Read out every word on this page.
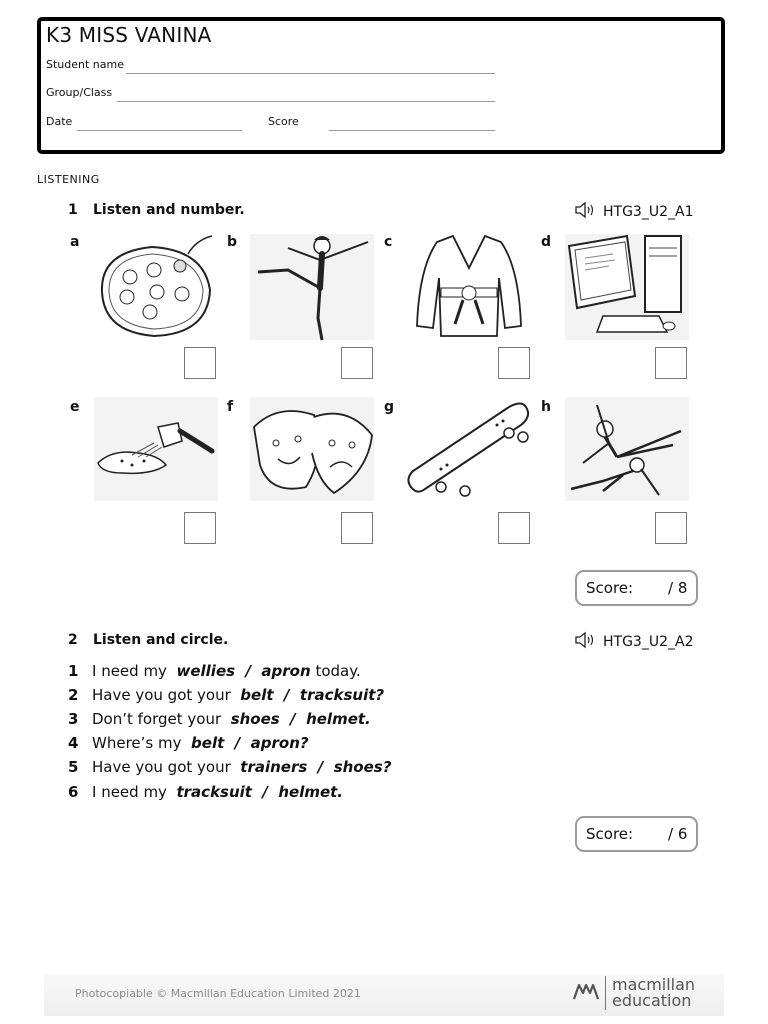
K3 MISS VANINA
Student name
Group/Class
Date	Score
LISTENING
1 Listen and number.	HTG3_U2_A1
a	b	c	d
e	f	g	h
Score:	/ 8
2 Listen and circle.	HTG3_U2_A2
1 I need my wellies  /  apron today.
2 Have you got your belt  /  tracksuit?
3 Don’t forget your shoes  /  helmet.
4 Where’s my belt  /  apron?
5 Have you got your trainers  /  shoes?
6 I need my tracksuit  /  helmet.
Score:	/ 6
Photocopiable © Macmillan Education Limited 2021	macmillan
education
